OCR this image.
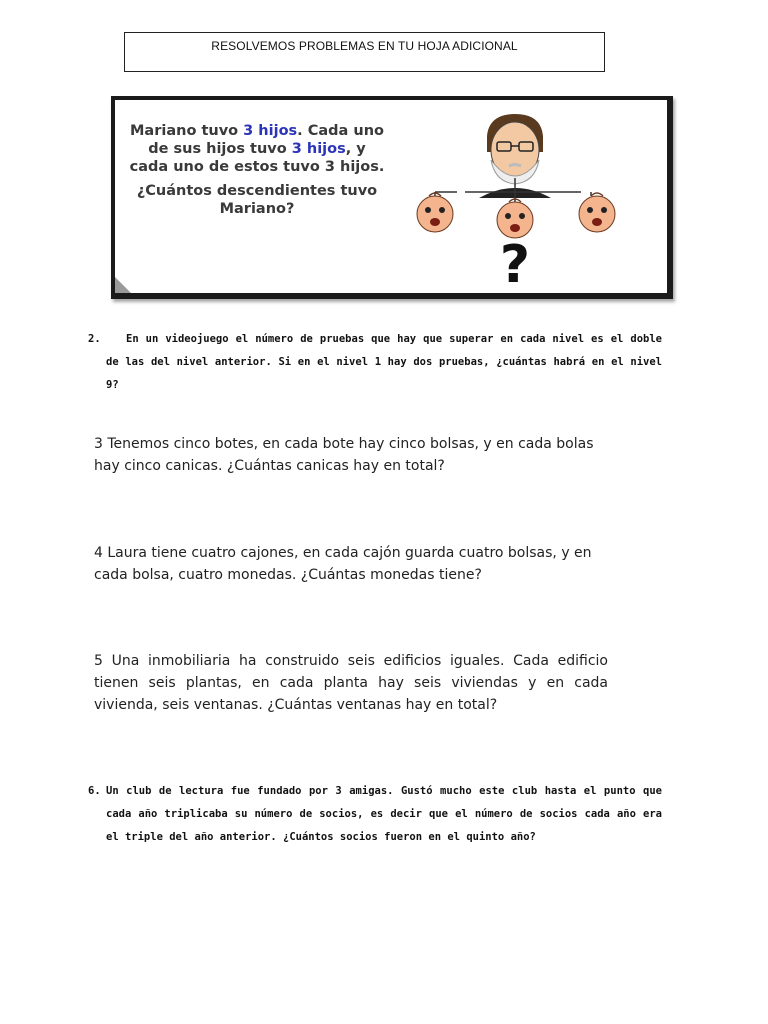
RESOLVEMOS PROBLEMAS EN TU HOJA ADICIONAL
Mariano tuvo 3 hijos. Cada uno de sus hijos tuvo 3 hijos, y cada uno de estos tuvo 3 hijos.
¿Cuántos descendientes tuvo Mariano?
?
2.	En un videojuego el número de pruebas que hay que superar en cada nivel es el doble de las del nivel anterior. Si en el nivel 1 hay dos pruebas, ¿cuántas habrá en el nivel 9?
3 Tenemos cinco botes, en cada bote hay cinco bolsas, y en cada bolas hay cinco canicas. ¿Cuántas canicas hay en total?
4 Laura tiene cuatro cajones, en cada cajón guarda cuatro bolsas, y en cada bolsa, cuatro monedas. ¿Cuántas monedas tiene?
5 Una inmobiliaria ha construido seis edificios iguales. Cada edificio tienen seis plantas, en cada planta hay seis viviendas y en cada vivienda, seis ventanas. ¿Cuántas ventanas hay en total?
6. Un club de lectura fue fundado por 3 amigas. Gustó mucho este club hasta el punto que cada año triplicaba su número de socios, es decir que el número de socios cada año era el triple del año anterior. ¿Cuántos socios fueron en el quinto año?
